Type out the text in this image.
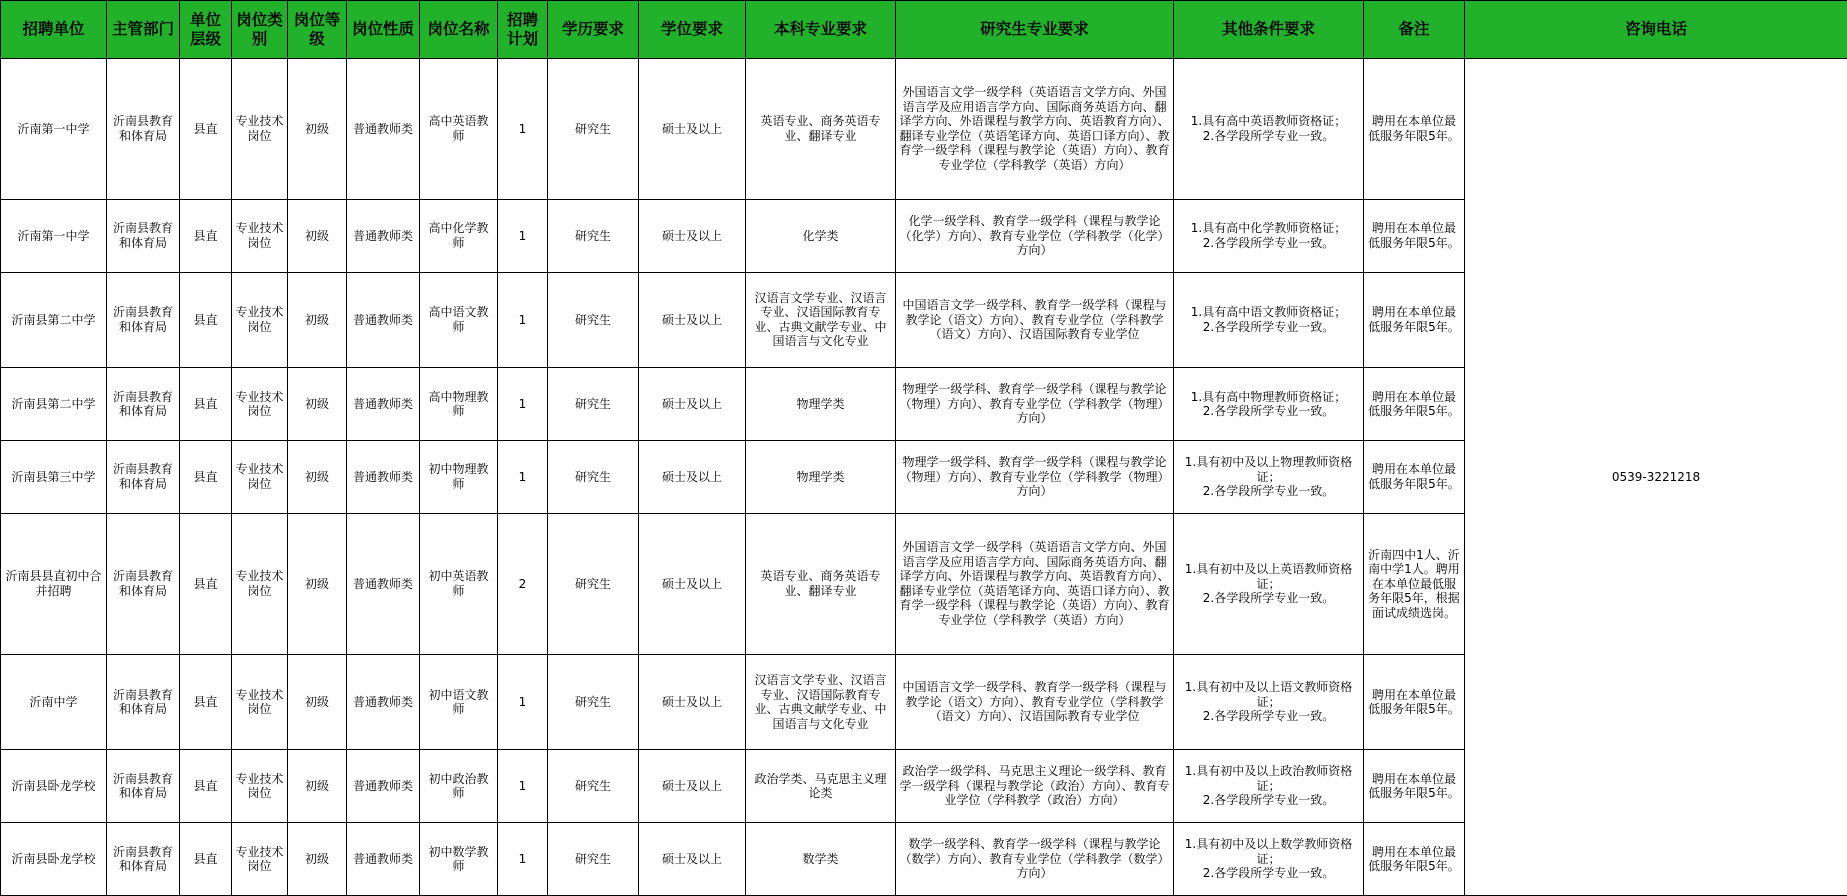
招聘单位	主管部门	单位层级	岗位类别	岗位等级	岗位性质	岗位名称	招聘计划	学历要求	学位要求	本科专业要求	研究生专业要求	其他条件要求	备注	咨询电话
沂南第一中学	沂南县教育和体育局	县直	专业技术岗位	初级	普通教师类	高中英语教师	1	研究生	硕士及以上	英语专业、商务英语专业、翻译专业	外国语言文学一级学科（英语语言文学方向、外国语言学及应用语言学方向、国际商务英语方向、翻译学方向、外语课程与教学方向、英语教育方向）、翻译专业学位（英语笔译方向、英语口译方向）、教育学一级学科（课程与教学论（英语）方向）、教育专业学位（学科教学（英语）方向）	1.具有高中英语教师资格证；
2.各学段所学专业一致。	聘用在本单位最低服务年限5年。	0539-3221218
沂南第一中学	沂南县教育和体育局	县直	专业技术岗位	初级	普通教师类	高中化学教师	1	研究生	硕士及以上	化学类	化学一级学科、教育学一级学科（课程与教学论（化学）方向）、教育专业学位（学科教学（化学）方向）	1.具有高中化学教师资格证；
2.各学段所学专业一致。	聘用在本单位最低服务年限5年。	
沂南县第二中学	沂南县教育和体育局	县直	专业技术岗位	初级	普通教师类	高中语文教师	1	研究生	硕士及以上	汉语言文学专业、汉语言专业、汉语国际教育专业、古典文献学专业、中国语言与文化专业	中国语言文学一级学科、教育学一级学科（课程与教学论（语文）方向）、教育专业学位（学科教学（语文）方向）、汉语国际教育专业学位	1.具有高中语文教师资格证；
2.各学段所学专业一致。	聘用在本单位最低服务年限5年。	
沂南县第二中学	沂南县教育和体育局	县直	专业技术岗位	初级	普通教师类	高中物理教师	1	研究生	硕士及以上	物理学类	物理学一级学科、教育学一级学科（课程与教学论（物理）方向）、教育专业学位（学科教学（物理）方向）	1.具有高中物理教师资格证；
2.各学段所学专业一致。	聘用在本单位最低服务年限5年。	
沂南县第三中学	沂南县教育和体育局	县直	专业技术岗位	初级	普通教师类	初中物理教师	1	研究生	硕士及以上	物理学类	物理学一级学科、教育学一级学科（课程与教学论（物理）方向）、教育专业学位（学科教学（物理）方向）	1.具有初中及以上物理教师资格证；
2.各学段所学专业一致。	聘用在本单位最低服务年限5年。	
沂南县县直初中合并招聘	沂南县教育和体育局	县直	专业技术岗位	初级	普通教师类	初中英语教师	2	研究生	硕士及以上	英语专业、商务英语专业、翻译专业	外国语言文学一级学科（英语语言文学方向、外国语言学及应用语言学方向、国际商务英语方向、翻译学方向、外语课程与教学方向、英语教育方向）、翻译专业学位（英语笔译方向、英语口译方向）、教育学一级学科（课程与教学论（英语）方向）、教育专业学位（学科教学（英语）方向）	1.具有初中及以上英语教师资格证；
2.各学段所学专业一致。	沂南四中1人、沂南中学1人。聘用在本单位最低服务年限5年，根据面试成绩选岗。	
沂南中学	沂南县教育和体育局	县直	专业技术岗位	初级	普通教师类	初中语文教师	1	研究生	硕士及以上	汉语言文学专业、汉语言专业、汉语国际教育专业、古典文献学专业、中国语言与文化专业	中国语言文学一级学科、教育学一级学科（课程与教学论（语文）方向）、教育专业学位（学科教学（语文）方向）、汉语国际教育专业学位	1.具有初中及以上语文教师资格证；
2.各学段所学专业一致。	聘用在本单位最低服务年限5年。	
沂南县卧龙学校	沂南县教育和体育局	县直	专业技术岗位	初级	普通教师类	初中政治教师	1	研究生	硕士及以上	政治学类、马克思主义理论类	政治学一级学科、马克思主义理论一级学科、教育学一级学科（课程与教学论（政治）方向）、教育专业学位（学科教学（政治）方向）	1.具有初中及以上政治教师资格证；
2.各学段所学专业一致。	聘用在本单位最低服务年限5年。	
沂南县卧龙学校	沂南县教育和体育局	县直	专业技术岗位	初级	普通教师类	初中数学教师	1	研究生	硕士及以上	数学类	数学一级学科、教育学一级学科（课程与教学论（数学）方向）、教育专业学位（学科教学（数学）方向）	1.具有初中及以上数学教师资格证；
2.各学段所学专业一致。	聘用在本单位最低服务年限5年。	
